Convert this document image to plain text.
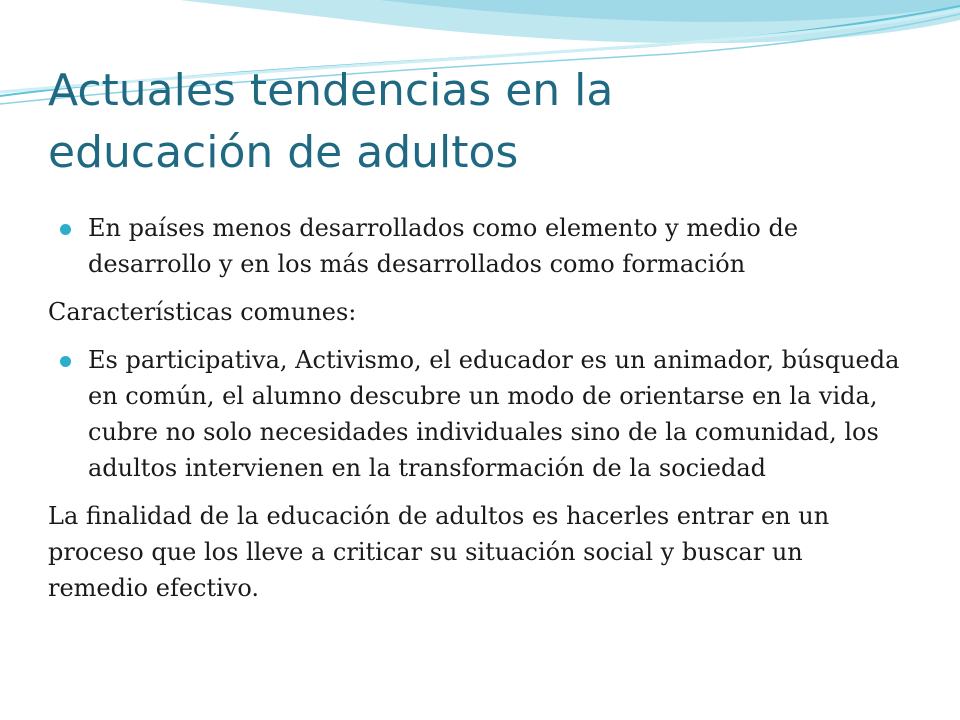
Actuales tendencias en la
educación de adultos
En países menos desarrollados como elemento y medio de desarrollo y en los más desarrollados como formación
Características comunes:
Es participativa, Activismo, el educador es un animador, búsqueda en común, el alumno descubre un modo de orientarse en la vida, cubre no solo necesidades individuales sino de la comunidad, los adultos intervienen en la transformación de la sociedad
La finalidad de la educación de adultos es hacerles entrar en un proceso que los lleve a criticar su situación social y buscar un remedio efectivo.
